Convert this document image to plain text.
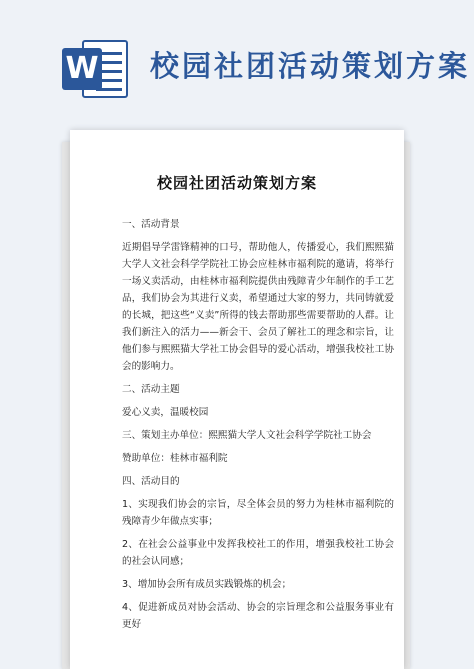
W 校园社团活动策划方案
校园社团活动策划方案

一、活动背景

近期倡导学雷锋精神的口号，帮助他人，传播爱心，我们熙熙猫大学人文社会科学学院社工协会应桂林市福利院的邀请，将举行一场义卖活动，由桂林市福利院提供由残障青少年制作的手工艺品，我们协会为其进行义卖，希望通过大家的努力，共同铸就爱的长城，把这些“义卖”所得的钱去帮助那些需要帮助的人群。让我们新注入的活力——新会干、会员了解社工的理念和宗旨，让他们参与熙熙猫大学社工协会倡导的爱心活动，增强我校社工协会的影响力。

二、活动主题

爱心义卖，温暖校园

三、策划主办单位：熙熙猫大学人文社会科学学院社工协会

赞助单位：桂林市福利院

四、活动目的

1、实现我们协会的宗旨，尽全体会员的努力为桂林市福利院的残障青少年做点实事；

2、在社会公益事业中发挥我校社工的作用，增强我校社工协会的社会认同感；

3、增加协会所有成员实践锻炼的机会；

4、促进新成员对协会活动、协会的宗旨理念和公益服务事业有更好
